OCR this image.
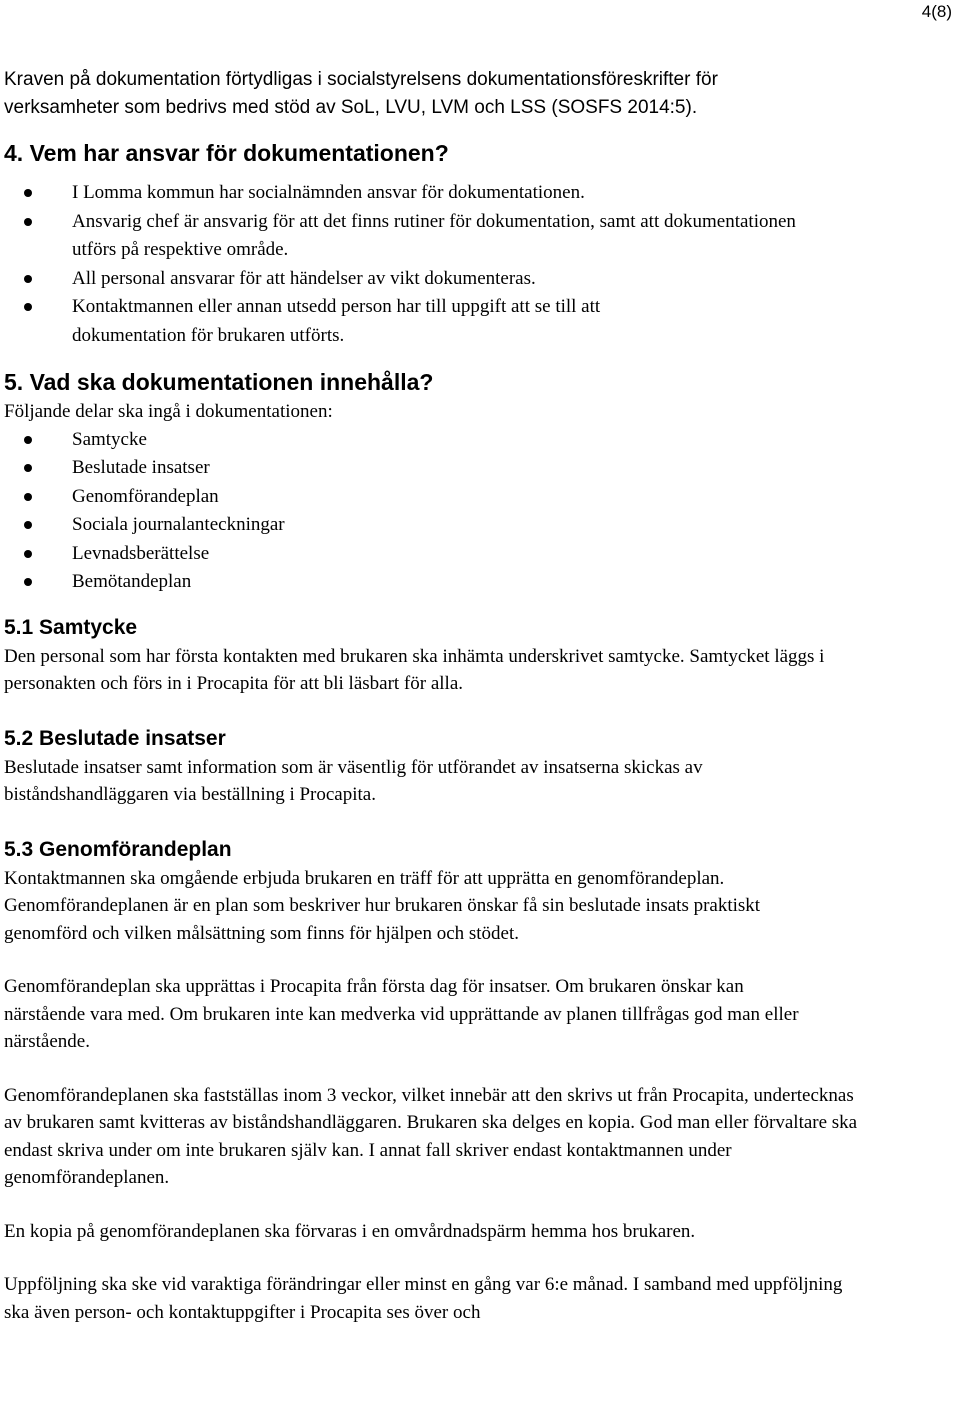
4(8)

Kraven på dokumentation förtydligas i socialstyrelsens dokumentationsföreskrifter för verksamheter som bedrivs med stöd av SoL, LVU, LVM och LSS (SOSFS 2014:5).

4. Vem har ansvar för dokumentationen?
I Lomma kommun har socialnämnden ansvar för dokumentationen.
Ansvarig chef är ansvarig för att det finns rutiner för dokumentation, samt att dokumentationen utförs på respektive område.
All personal ansvarar för att händelser av vikt dokumenteras.
Kontaktmannen eller annan utsedd person har till uppgift att se till att dokumentation för brukaren utförts.
5. Vad ska dokumentationen innehålla?

Följande delar ska ingå i dokumentationen:

Samtycke
Beslutade insatser
Genomförandeplan
Sociala journalanteckningar
Levnadsberättelse
Bemötandeplan
5.1 Samtycke

Den personal som har första kontakten med brukaren ska inhämta underskrivet samtycke. Samtycket läggs i personakten och förs in i Procapita för att bli läsbart för alla.

5.2 Beslutade insatser

Beslutade insatser samt information som är väsentlig för utförandet av insatserna skickas av biståndshandläggaren via beställning i Procapita.

5.3 Genomförandeplan

Kontaktmannen ska omgående erbjuda brukaren en träff för att upprätta en genomförandeplan. Genomförandeplanen är en plan som beskriver hur brukaren önskar få sin beslutade insats praktiskt genomförd och vilken målsättning som finns för hjälpen och stödet.

Genomförandeplan ska upprättas i Procapita från första dag för insatser. Om brukaren önskar kan närstående vara med. Om brukaren inte kan medverka vid upprättande av planen tillfrågas god man eller närstående.

Genomförandeplanen ska fastställas inom 3 veckor, vilket innebär att den skrivs ut från Procapita, undertecknas av brukaren samt kvitteras av biståndshandläggaren. Brukaren ska delges en kopia. God man eller förvaltare ska endast skriva under om inte brukaren själv kan. I annat fall skriver endast kontaktmannen under genomförandeplanen.

En kopia på genomförandeplanen ska förvaras i en omvårdnadspärm hemma hos brukaren.

Uppföljning ska ske vid varaktiga förändringar eller minst en gång var 6:e månad. I samband med uppföljning ska även person- och kontaktuppgifter i Procapita ses över och
